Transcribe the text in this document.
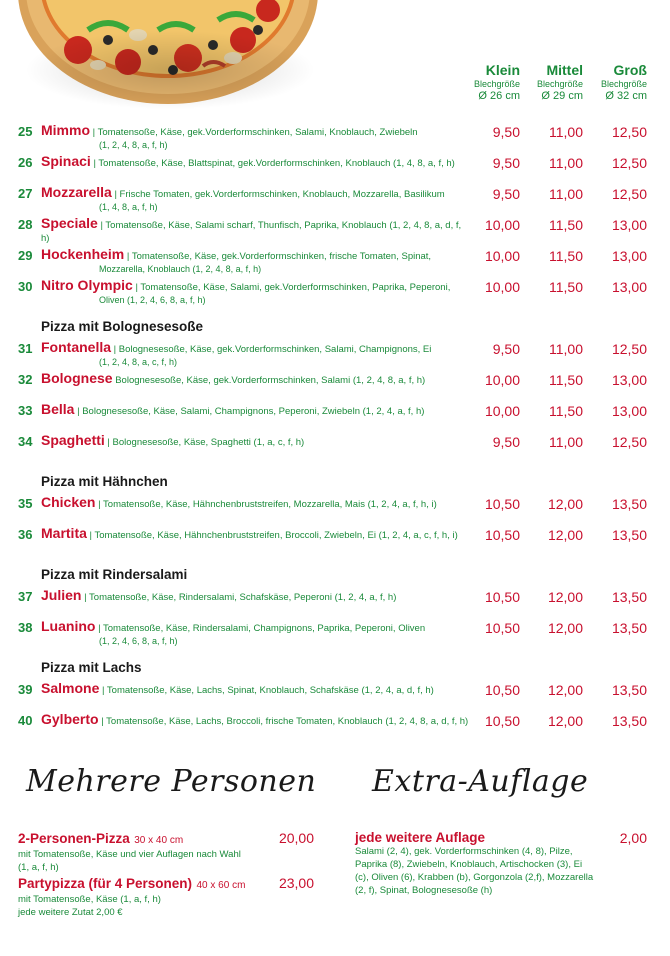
Klein
Blechgröße
Ø 26 cm
Mittel
Blechgröße
Ø 29 cm
Groß
Blechgröße
Ø 32 cm
Pizza mit Bolognesesoße
Pizza mit Hähnchen
Pizza mit Rindersalami
Pizza mit Lachs
25 Mimmo | Tomatensoße, Käse, gek.Vorderformschinken, Salami, Knoblauch, Zwiebeln
(1, 2, 4, 8, a, f, h)
9,50	11,00	12,50
26 Spinaci | Tomatensoße, Käse, Blattspinat, gek.Vorderformschinken, Knoblauch (1, 4, 8, a, f, h)	9,50	11,00	12,50
27 Mozzarella | Frische Tomaten, gek.Vorderformschinken, Knoblauch, Mozzarella, Basilikum
(1, 4, 8, a, f, h)
9,50	11,00	12,50
28 Speciale | Tomatensoße, Käse, Salami scharf, Thunfisch, Paprika, Knoblauch (1, 2, 4, 8, a, d, f, h)
10,00	11,50	13,00
29 Hockenheim | Tomatensoße, Käse, gek.Vorderformschinken, frische Tomaten, Spinat,
Mozzarella, Knoblauch (1, 2, 4, 8, a, f, h)
10,00	11,50	13,00
30 Nitro Olympic | Tomatensoße, Käse, Salami, gek.Vorderformschinken, Paprika, Peperoni,
Oliven (1, 2, 4, 6, 8, a, f, h)
10,00	11,50	13,00
31 Fontanella | Bolognesesoße, Käse, gek.Vorderformschinken, Salami, Champignons, Ei
(1, 2, 4, 8, a, c, f, h)
9,50	11,00	12,50
32 Bolognese Bolognesesoße, Käse, gek.Vorderformschinken, Salami (1, 2, 4, 8, a, f, h)	10,00	11,50	13,00
33 Bella | Bolognesesoße, Käse, Salami, Champignons, Peperoni, Zwiebeln (1, 2, 4, a, f, h)	10,00	11,50	13,00
34 Spaghetti | Bolognesesoße, Käse, Spaghetti (1, a, c, f, h)	9,50	11,00	12,50
35 Chicken | Tomatensoße, Käse, Hähnchenbruststreifen, Mozzarella, Mais (1, 2, 4, a, f, h, i)	10,50	12,00	13,50
36 Martita | Tomatensoße, Käse, Hähnchenbruststreifen, Broccoli, Zwiebeln, Ei (1, 2, 4, a, c, f, h, i)	10,50	12,00	13,50
37 Julien | Tomatensoße, Käse, Rindersalami, Schafskäse, Peperoni (1, 2, 4, a, f, h)	10,50	12,00	13,50
38 Luanino | Tomatensoße, Käse, Rindersalami, Champignons, Paprika, Peperoni, Oliven
(1, 2, 4, 6, 8, a, f, h)
10,50	12,00	13,50
39 Salmone | Tomatensoße, Käse, Lachs, Spinat, Knoblauch, Schafskäse (1, 2, 4, a, d, f, h)	10,50	12,00	13,50
40 Gylberto | Tomatensoße, Käse, Lachs, Broccoli, frische Tomaten, Knoblauch (1, 2, 4, 8, a, d, f, h)	10,50	12,00	13,50
Mehrere Personen Extra-Auflage
2-Personen-Pizza 30 x 40 cm
mit Tomatensoße, Käse und vier Auflagen nach Wahl
(1, a, f, h)
20,00
Partypizza (für 4 Personen) 40 x 60 cm
mit Tomatensoße, Käse (1, a, f, h)
jede weitere Zutat 2,00 €
23,00
jede weitere Auflage
Salami (2, 4), gek. Vorderformschinken (4, 8), Pilze,
Paprika (8), Zwiebeln, Knoblauch, Artischocken (3), Ei
(c), Oliven (6), Krabben (b), Gorgonzola (2,f), Mozzarella
(2, f), Spinat, Bolognesesoße (h)
2,00
